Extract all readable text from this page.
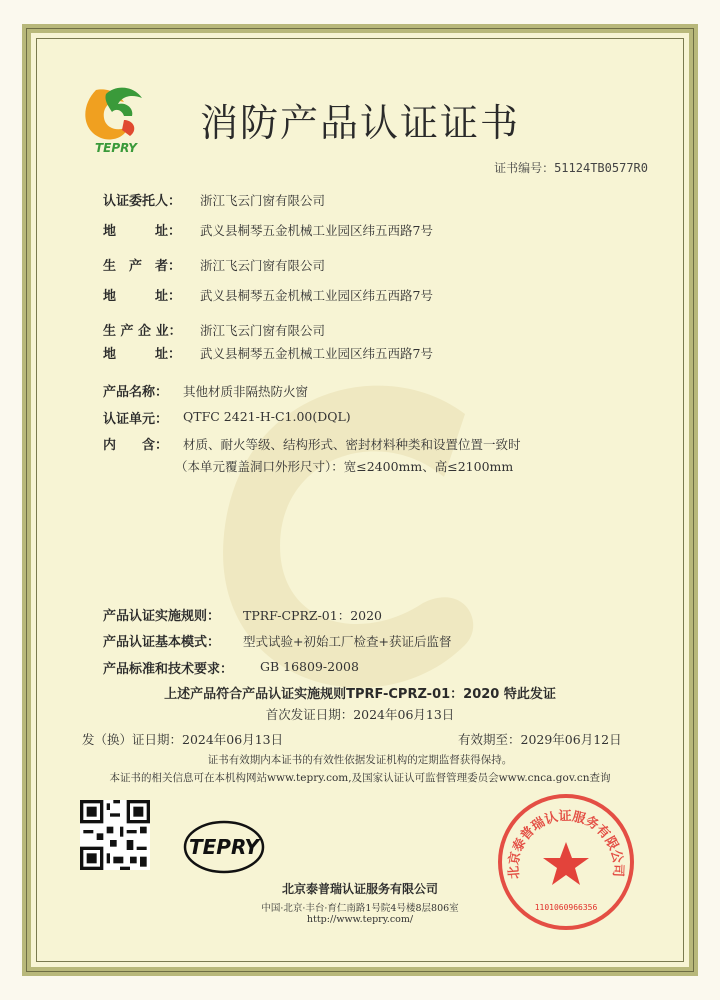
TEPRY
消防产品认证证书
证书编号：51124TB0577R0
认证委托人： 浙江飞云门窗有限公司
地　　　址： 武义县桐琴五金机械工业园区纬五西路7号
生　产　者： 浙江飞云门窗有限公司
地　　　址： 武义县桐琴五金机械工业园区纬五西路7号
生 产 企 业： 浙江飞云门窗有限公司
地　　　址： 武义县桐琴五金机械工业园区纬五西路7号
产品名称： 其他材质非隔热防火窗
认证单元： QTFC 2421-H-C1.00(DQL)
内　　含： 材质、耐火等级、结构形式、密封材料种类和设置位置一致时
（本单元覆盖洞口外形尺寸）：宽≤2400mm、高≤2100mm
产品认证实施规则： TPRF-CPRZ-01：2020
产品认证基本模式： 型式试验+初始工厂检查+获证后监督
产品标准和技术要求： GB 16809-2008
上述产品符合产品认证实施规则TPRF-CPRZ-01：2020 特此发证
首次发证日期：2024年06月13日
发（换）证日期：2024年06月13日	有效期至：2029年06月12日
证书有效期内本证书的有效性依据发证机构的定期监督获得保持。
本证书的相关信息可在本机构网站www.tepry.com,及国家认证认可监督管理委员会www.cnca.gov.cn查询
TEPRY
北京泰普瑞认证服务有限公司
中国·北京·丰台·育仁南路1号院4号楼8层806室
http://www.tepry.com/
北京泰普瑞认证服务有限公司
1101060966356
